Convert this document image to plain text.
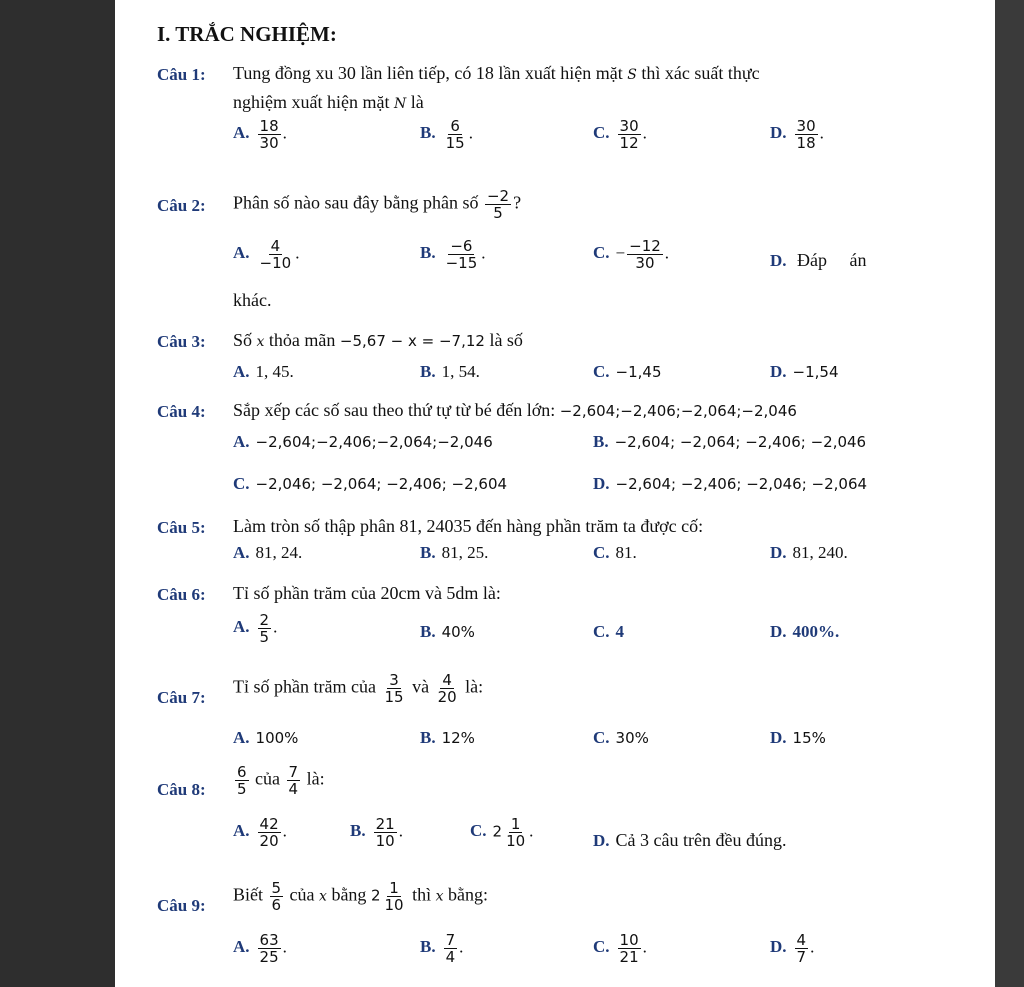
I. TRẮC NGHIỆM:
Câu 1: Tung đồng xu 30 lần liên tiếp, có 18 lần xuất hiện mặt S thì xác suất thực
nghiệm xuất hiện mặt N là
A. $\frac{18}{30}$ .	B. $\frac{6}{15}$ .	C. $\frac{30}{12}$ .	D. $\frac{30}{18}$ .
Câu 2: Phân số nào sau đây bằng phân số $\frac{-2}{5}$ ?
A. $\frac{4}{-10}$ .	B. $\frac{-6}{-15}$ .	C. − $\frac{-12}{30}$ .	D. Đáp     án
khác.
Câu 3: Số x thỏa mãn −5,67 − x = −7,12 là số
A. 1, 45.	B. 1, 54.	C. −1,45	D. −1,54
Câu 4: Sắp xếp các số sau theo thứ tự từ bé đến lớn: −2,604;−2,406;−2,064;−2,046
A. −2,604;−2,406;−2,064;−2,046	B. −2,604; −2,064; −2,406; −2,046
C. −2,046; −2,064; −2,406; −2,604	D. −2,604; −2,406; −2,046; −2,064
Câu 5: Làm tròn số thập phân 81, 24035 đến hàng phần trăm ta được cố:
A. 81, 24.	B. 81, 25.	C. 81.	D. 81, 240.
Câu 6: Tỉ số phần trăm của 20cm và 5dm là:
A. $\frac{2}{5}$ .	B. 40%	C. 4	D. 400%.
Câu 7:
Tỉ số phần trăm của $\frac{3}{15}$ và $\frac{4}{20}$ là:
A. 100%	B. 12%	C. 30%	D. 15%
Câu 8: $\frac{6}{5}$ của $\frac{7}{4}$ là:
A. $\frac{42}{20}$ .	B. $\frac{21}{10}$ .	C. $2 \frac{1}{10}$ .
D. Cả 3 câu trên đều đúng.
Câu 9:
Biết $\frac{5}{6}$ của x bằng $2 \frac{1}{10}$ thì x bằng:
A. $\frac{63}{25}$ .	B. $\frac{7}{4}$ .	C. $\frac{10}{21}$ .	D. $\frac{4}{7}$ .
